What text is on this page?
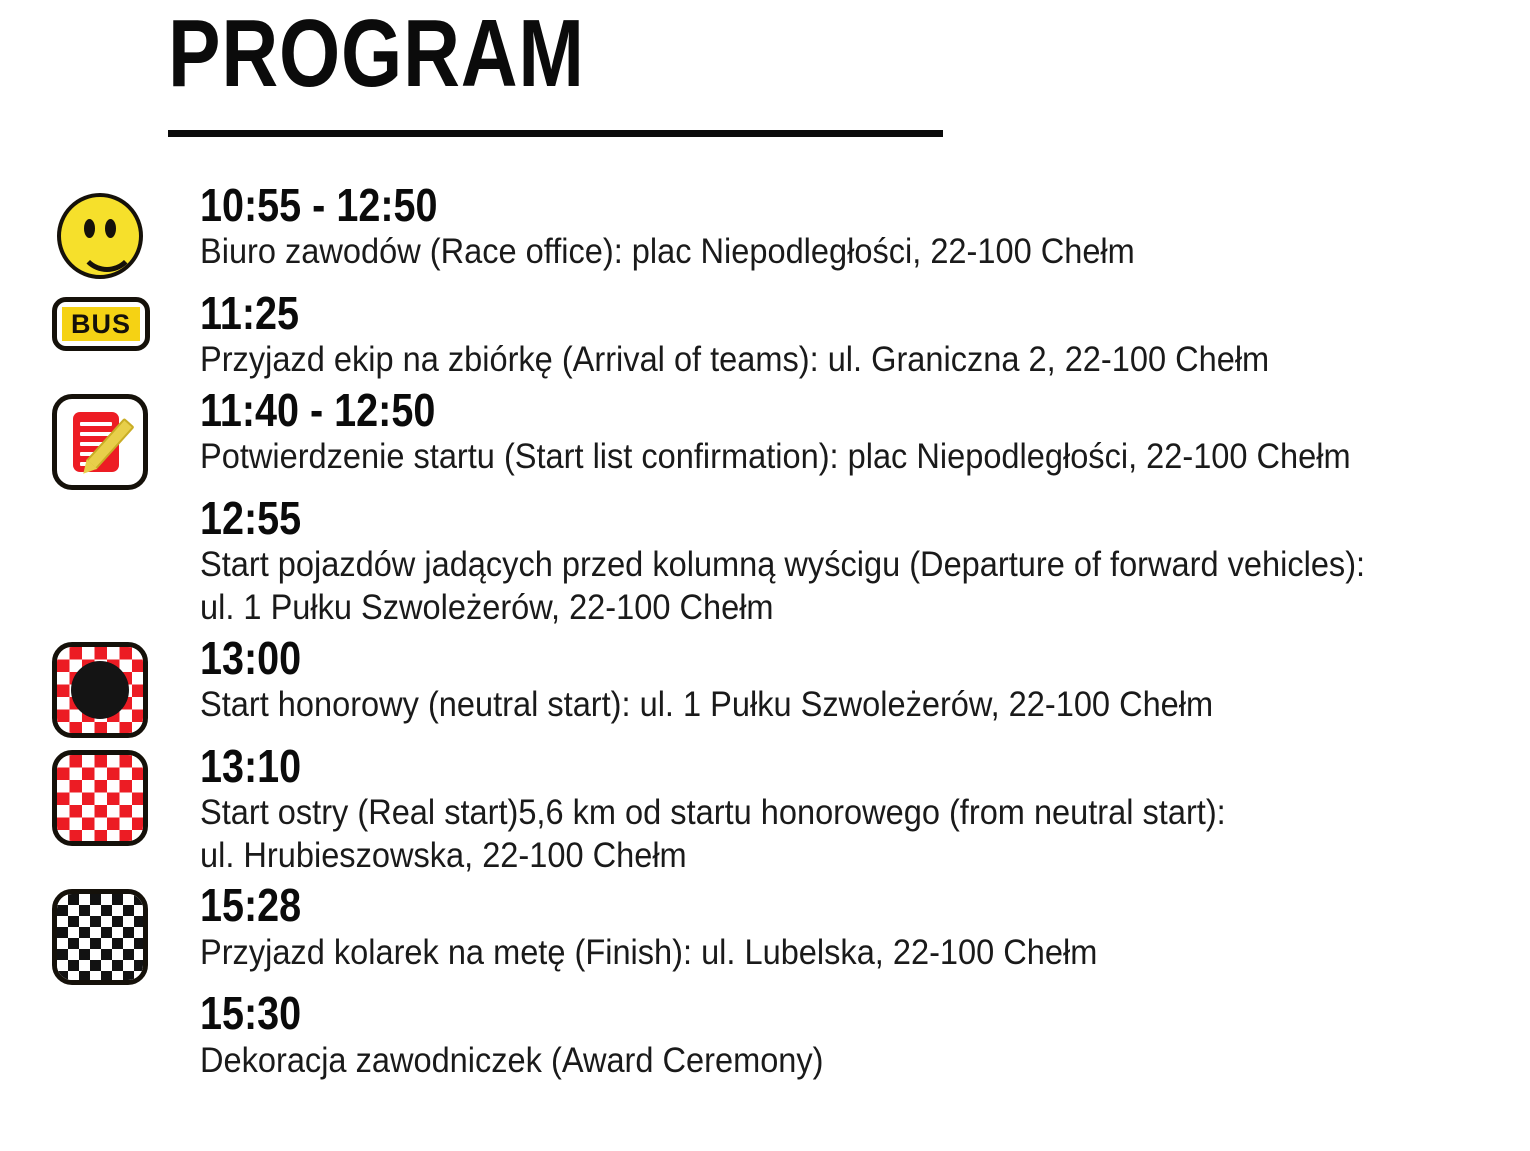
PROGRAM
10:55 - 12:50
Biuro zawodów (Race office): plac Niepodległości, 22-100 Chełm
BUS 11:25
Przyjazd ekip na zbiórkę (Arrival of teams): ul. Graniczna 2, 22-100 Chełm
11:40 - 12:50
Potwierdzenie startu (Start list confirmation): plac Niepodległości, 22-100 Chełm
12:55
Start pojazdów jadących przed kolumną wyścigu (Departure of forward vehicles):
ul. 1 Pułku Szwoleżerów, 22-100 Chełm
13:00
Start honorowy (neutral start): ul. 1 Pułku Szwoleżerów, 22-100 Chełm
13:10
Start ostry (Real start)5,6 km od startu honorowego (from neutral start):
ul. Hrubieszowska, 22-100 Chełm
15:28
Przyjazd kolarek na metę (Finish): ul. Lubelska, 22-100 Chełm
15:30
Dekoracja zawodniczek (Award Ceremony)
